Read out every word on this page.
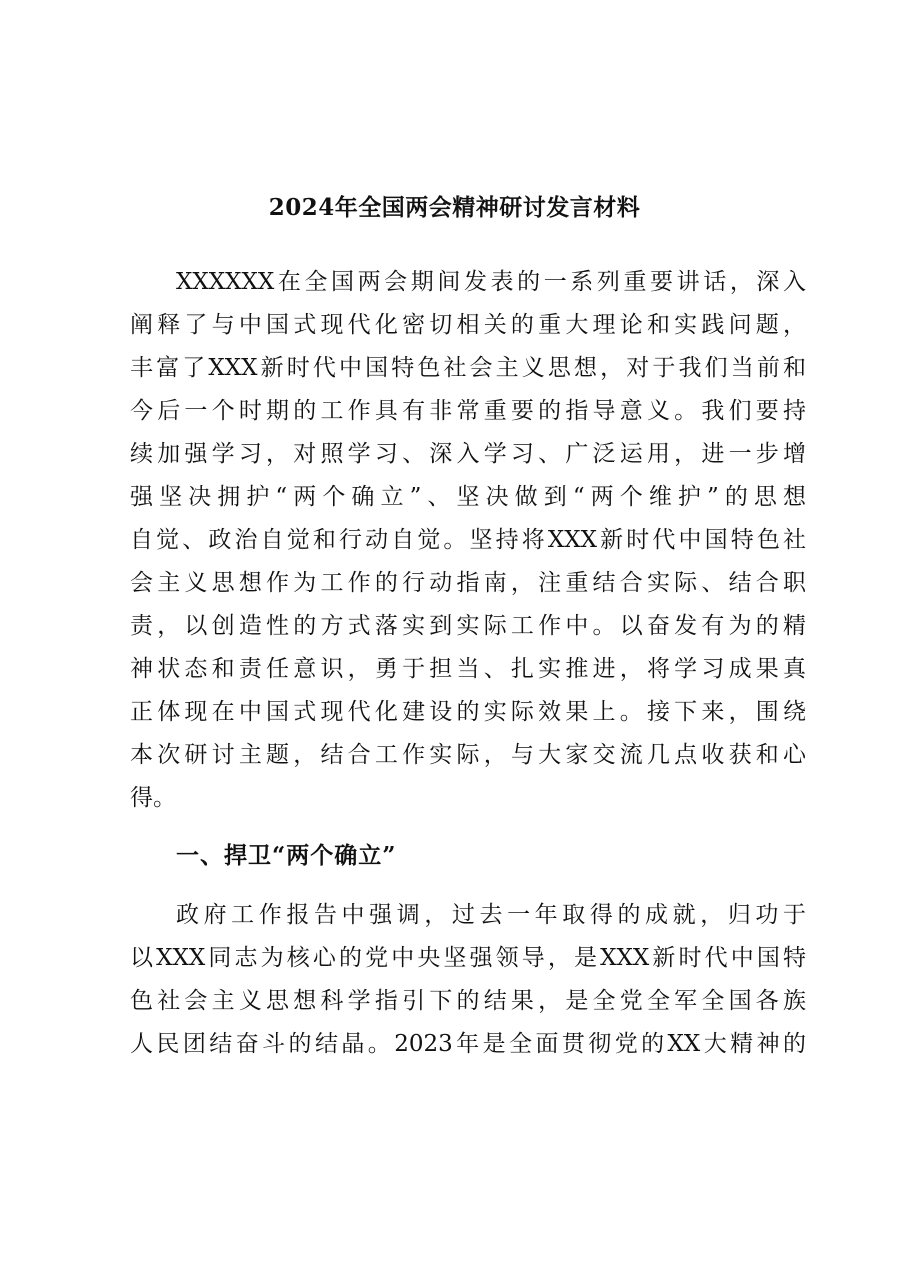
2024年全国两会精神研讨发言材料
XXXXXX在全国两会期间发表的一系列重要讲话，深入
阐释了与中国式现代化密切相关的重大理论和实践问题，
丰富了XXX新时代中国特色社会主义思想，对于我们当前和
今后一个时期的工作具有非常重要的指导意义。我们要持
续加强学习，对照学习、深入学习、广泛运用，进一步增
强坚决拥护“两个确立”、坚决做到“两个维护”的思想
自觉、政治自觉和行动自觉。坚持将XXX新时代中国特色社
会主义思想作为工作的行动指南，注重结合实际、结合职
责，以创造性的方式落实到实际工作中。以奋发有为的精
神状态和责任意识，勇于担当、扎实推进，将学习成果真
正体现在中国式现代化建设的实际效果上。接下来，围绕
本次研讨主题，结合工作实际，与大家交流几点收获和心
得。
一、捍卫“两个确立”
政府工作报告中强调，过去一年取得的成就，归功于
以XXX同志为核心的党中央坚强领导，是XXX新时代中国特
色社会主义思想科学指引下的结果，是全党全军全国各族
人民团结奋斗的结晶。2023年是全面贯彻党的XX大精神的
